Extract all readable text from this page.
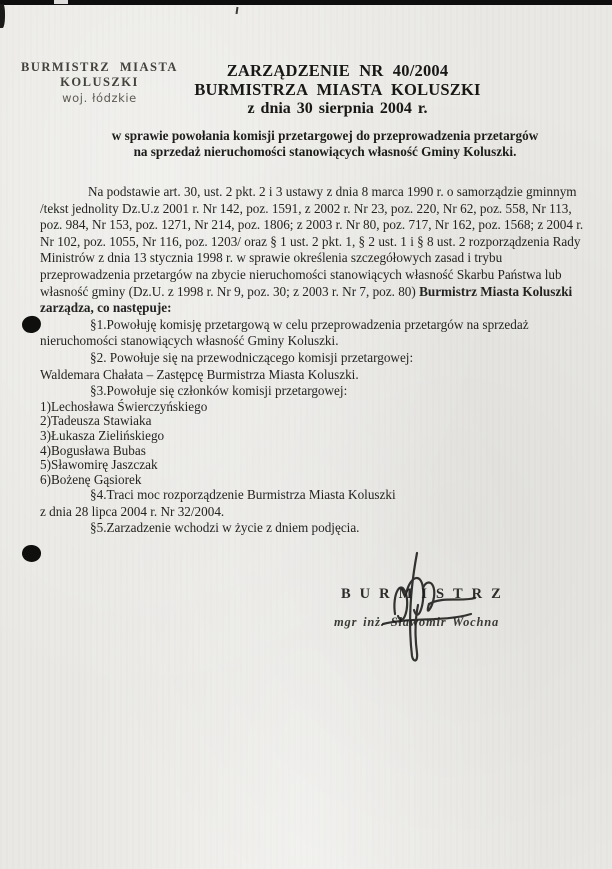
BURMISTRZ MIASTA
KOLUSZKI
woj. łódzkie
ZARZĄDZENIE NR 40/2004
BURMISTRZA MIASTA KOLUSZKI
z dnia 30 sierpnia 2004 r.
w sprawie powołania komisji przetargowej do przeprowadzenia przetargów
na sprzedaż nieruchomości stanowiących własność Gminy Koluszki.

Na podstawie art. 30, ust. 2 pkt. 2 i 3 ustawy z dnia 8 marca 1990 r. o samorządzie gminnym /tekst jednolity Dz.U.z 2001 r. Nr 142, poz. 1591, z 2002 r. Nr 23, poz. 220, Nr 62, poz. 558, Nr 113, poz. 984, Nr 153, poz. 1271, Nr 214, poz. 1806; z 2003 r. Nr 80, poz. 717, Nr 162, poz. 1568; z 2004 r. Nr 102, poz. 1055, Nr 116, poz. 1203/ oraz § 1 ust. 2 pkt. 1, § 2 ust. 1 i § 8 ust. 2 rozporządzenia Rady Ministrów z dnia 13 stycznia 1998 r. w sprawie określenia szczegółowych zasad i trybu przeprowadzenia przetargów na zbycie nieruchomości stanowiących własność Skarbu Państwa lub własność gminy (Dz.U. z 1998 r. Nr 9, poz. 30; z 2003 r. Nr 7, poz. 80) Burmistrz Miasta Koluszki zarządza, co następuje:

§1.Powołuję komisję przetargową w celu przeprowadzenia przetargów na sprzedaż nieruchomości stanowiących własność Gminy Koluszki.

§2. Powołuje się na przewodniczącego komisji przetargowej:

Waldemara Chałata – Zastępcę Burmistrza Miasta Koluszki.

§3.Powołuje się członków komisji przetargowej:

1)Lechosława Świerczyńskiego
2)Tadeusza Stawiaka
3)Łukasza Zielińskiego
4)Bogusława Bubas
5)Sławomirę Jaszczak
6)Bożenę Gąsiorek

§4.Traci moc rozporządzenie Burmistrza Miasta Koluszki

z dnia 28 lipca 2004 r. Nr 32/2004.

§5.Zarzadzenie wchodzi w życie z dniem podjęcia.

BURMISTRZ
mgr inż. Sławomir Wochna
